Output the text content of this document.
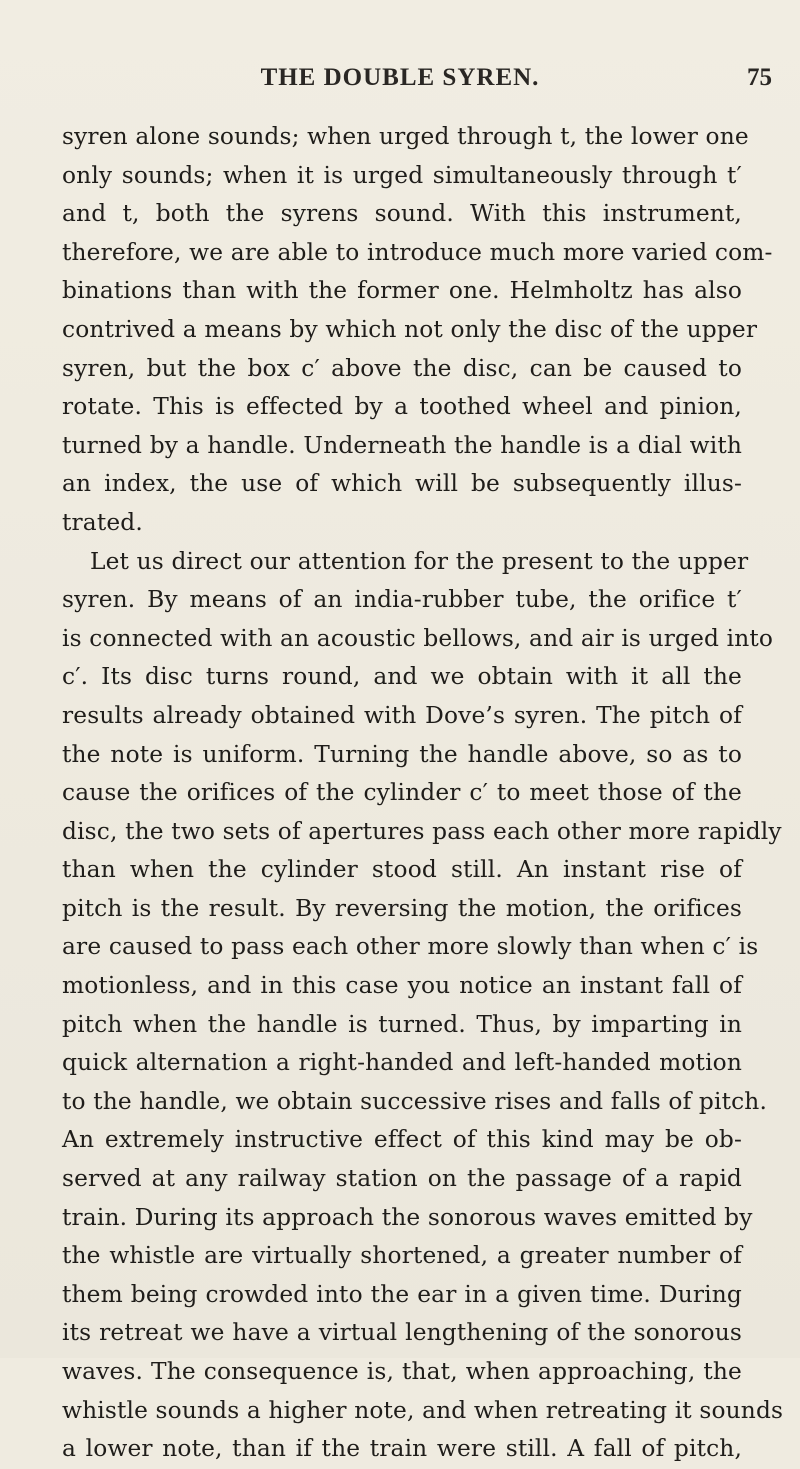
THE DOUBLE SYREN.	75
syren alone sounds; when urged through t, the lower one
only sounds; when it is urged simultaneously through t′
and t, both the syrens sound. With this instrument,
therefore, we are able to introduce much more varied com-
binations than with the former one. Helmholtz has also
contrived a means by which not only the disc of the upper
syren, but the box c′ above the disc, can be caused to
rotate. This is effected by a toothed wheel and pinion,
turned by a handle. Underneath the handle is a dial with
an index, the use of which will be subsequently illus-
trated.
Let us direct our attention for the present to the upper
syren. By means of an india-rubber tube, the orifice t′
is connected with an acoustic bellows, and air is urged into
c′. Its disc turns round, and we obtain with it all the
results already obtained with Dove’s syren. The pitch of
the note is uniform. Turning the handle above, so as to
cause the orifices of the cylinder c′ to meet those of the
disc, the two sets of apertures pass each other more rapidly
than when the cylinder stood still. An instant rise of
pitch is the result. By reversing the motion, the orifices
are caused to pass each other more slowly than when c′ is
motionless, and in this case you notice an instant fall of
pitch when the handle is turned. Thus, by imparting in
quick alternation a right-handed and left-handed motion
to the handle, we obtain successive rises and falls of pitch.
An extremely instructive effect of this kind may be ob-
served at any railway station on the passage of a rapid
train. During its approach the sonorous waves emitted by
the whistle are virtually shortened, a greater number of
them being crowded into the ear in a given time. During
its retreat we have a virtual lengthening of the sonorous
waves. The consequence is, that, when approaching, the
whistle sounds a higher note, and when retreating it sounds
a lower note, than if the train were still. A fall of pitch,
